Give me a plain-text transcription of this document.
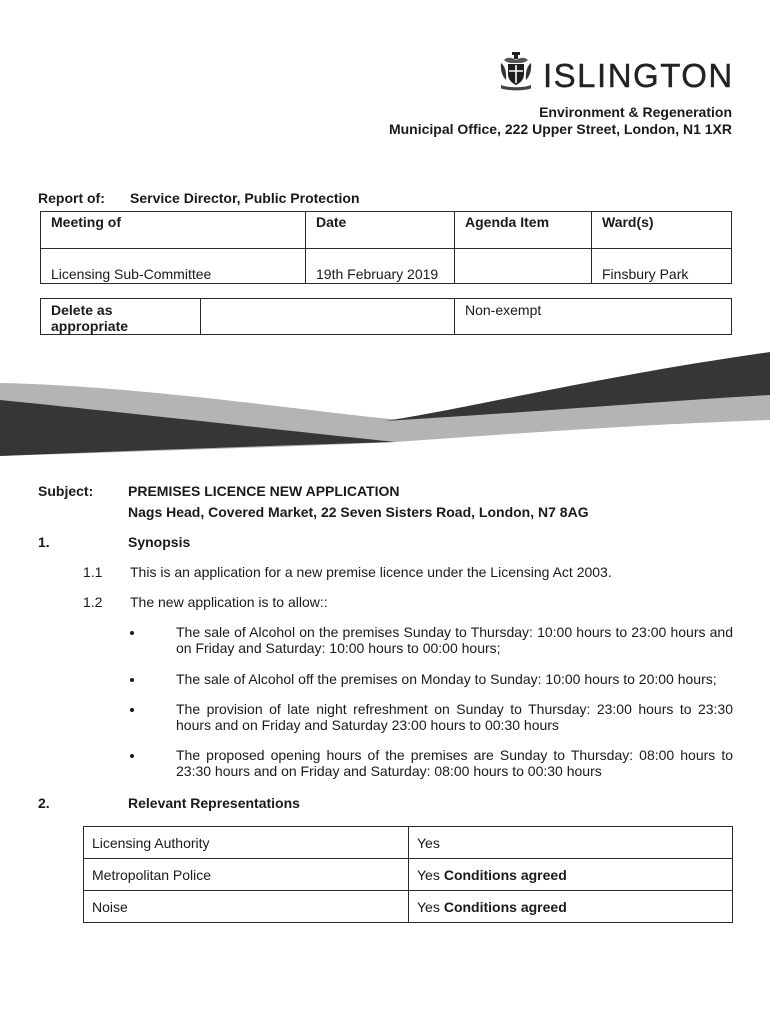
ISLINGTON
Environment & Regeneration
Municipal Office, 222 Upper Street, London, N1 1XR
Report of: Service Director, Public Protection
Meeting of	Date	Agenda Item	Ward(s)
Licensing Sub-Committee	19th February 2019		Finsbury Park
Delete as
appropriate
		Non-exempt
Subject: PREMISES LICENCE NEW APPLICATION
Nags Head, Covered Market, 22 Seven Sisters Road, London, N7 8AG
1.	Synopsis
1.1 This is an application for a new premise licence under the Licensing Act 2003.
1.2 The new application is to allow::
The sale of Alcohol on the premises Sunday to Thursday: 10:00 hours to 23:00 hours and
on Friday and Saturday: 10:00 hours to 00:00 hours;
The sale of Alcohol off the premises on Monday to Sunday: 10:00 hours to 20:00 hours;
The provision of late night refreshment on Sunday to Thursday: 23:00 hours to 23:30
hours and on Friday and Saturday 23:00 hours to 00:30 hours
The proposed opening hours of the premises are Sunday to Thursday: 08:00 hours to
23:30 hours and on Friday and Saturday: 08:00 hours to 00:30 hours
2.	Relevant Representations
Licensing Authority	Yes
Metropolitan Police	Yes Conditions agreed
Noise	Yes Conditions agreed
